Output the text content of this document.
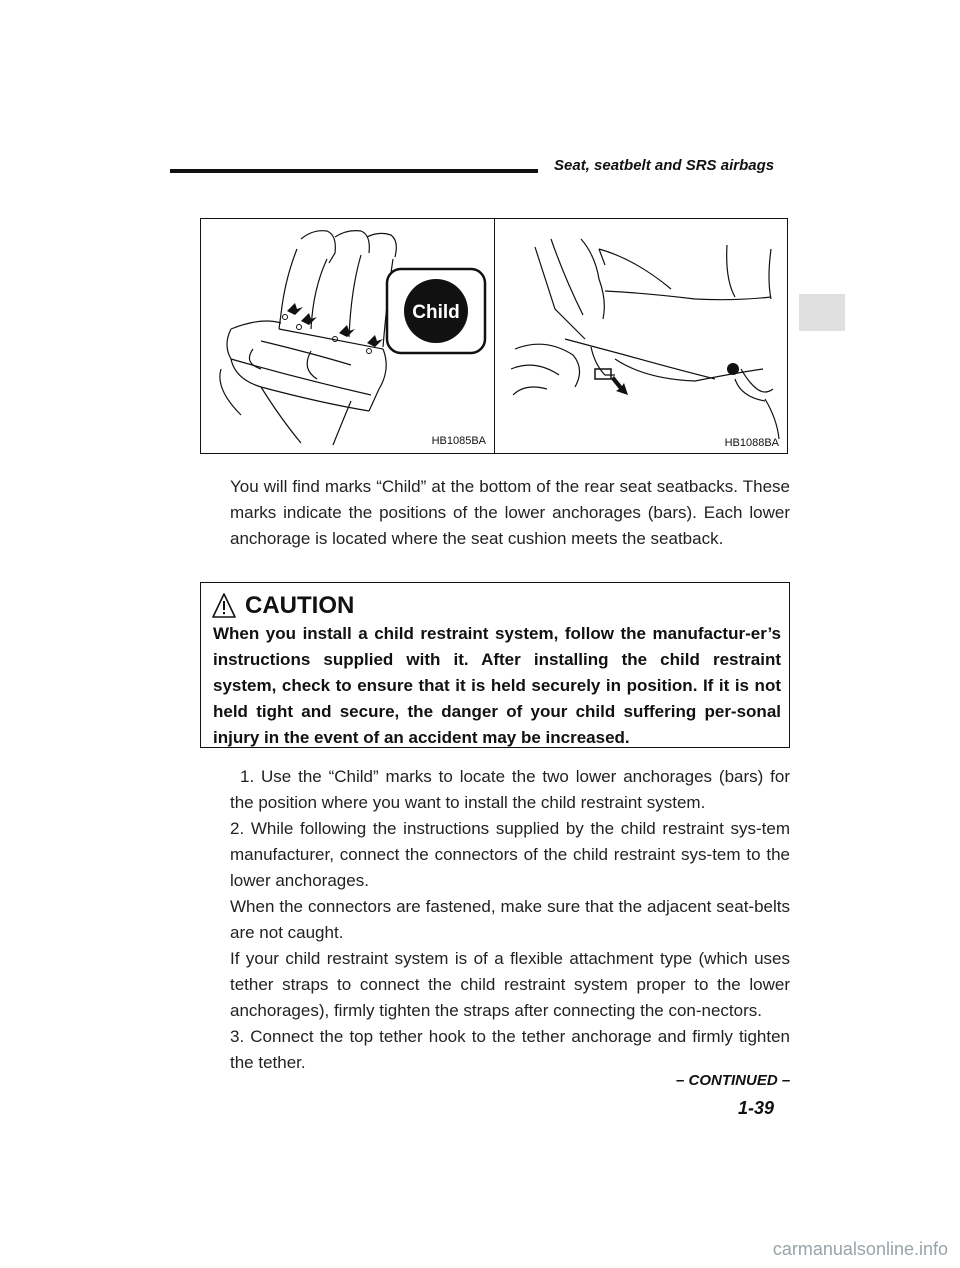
Seat, seatbelt and SRS airbags
Child
HB1085BA	HB1088BA

You will find marks “Child” at the bottom of the rear seat seatbacks. These marks indicate the positions of the lower anchorages (bars). Each lower anchorage is located where the seat cushion meets the seatback.

CAUTION

When you install a child restraint system, follow the manufactur-er’s instructions supplied with it. After installing the child restraint system, check to ensure that it is held securely in position. If it is not held tight and secure, the danger of your child suffering per-sonal injury in the event of an accident may be increased.

1. Use the “Child” marks to locate the two lower anchorages (bars) for the position where you want to install the child restraint system.

2. While following the instructions supplied by the child restraint sys-tem manufacturer, connect the connectors of the child restraint sys-tem to the lower anchorages.

When the connectors are fastened, make sure that the adjacent seat-belts are not caught.

If your child restraint system is of a flexible attachment type (which uses tether straps to connect the child restraint system proper to the lower anchorages), firmly tighten the straps after connecting the con-nectors.

3. Connect the top tether hook to the tether anchorage and firmly tighten the tether.

– CONTINUED –
1-39
carmanualsonline.info
